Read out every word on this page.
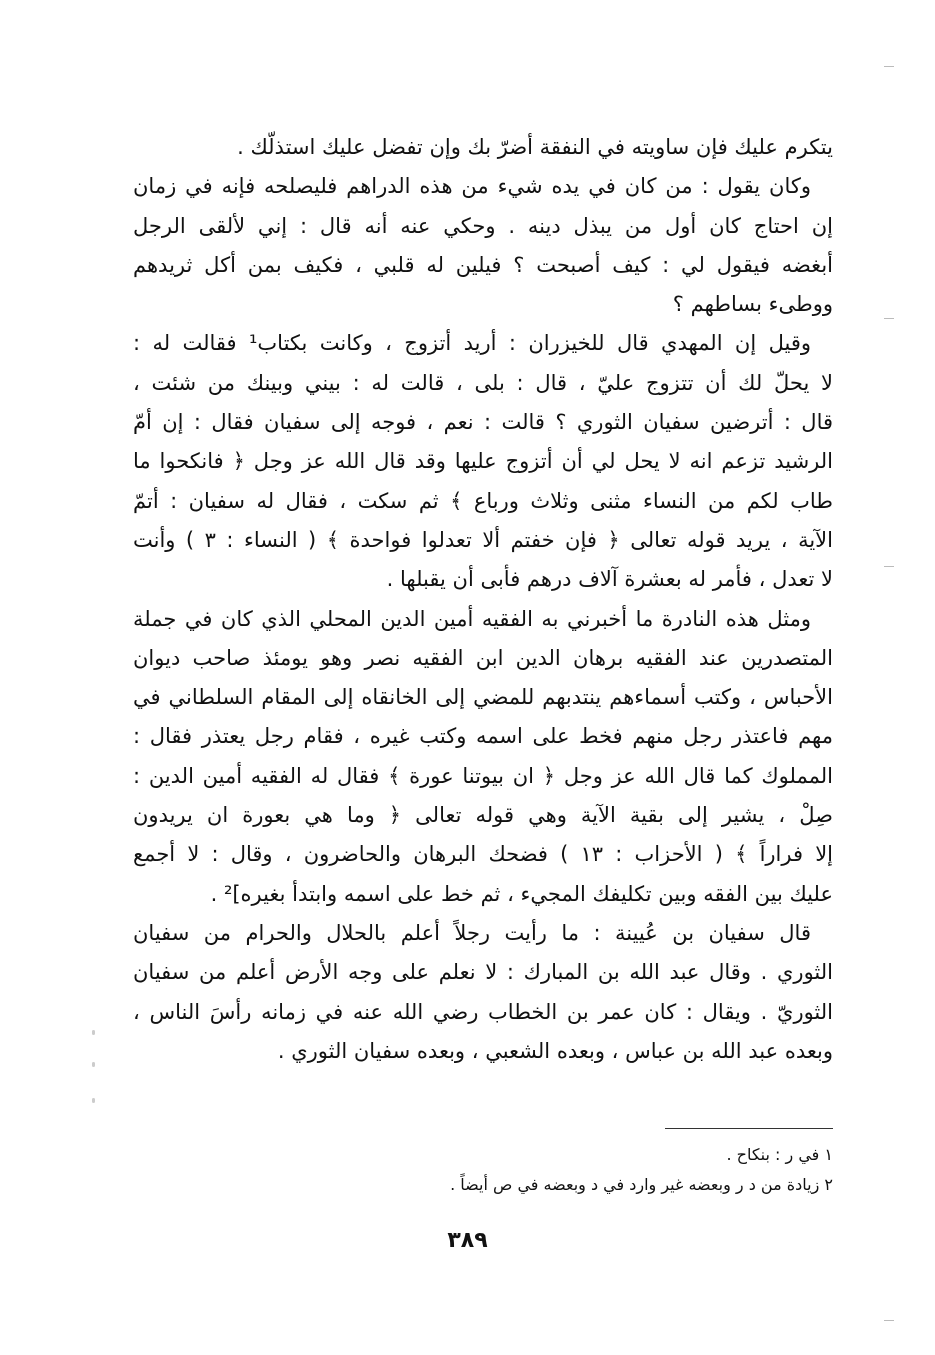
يتكرم عليك فإن ساويته في النفقة أضرّ بك وإن تفضل عليك استذلّك .
وكان يقول : من كان في يده شيء من هذه الدراهم فليصلحه فإنه في زمان
إن احتاج كان أول من يبذل دينه . وحكي عنه أنه قال : إني لألقى الرجل
أبغضه فيقول لي : كيف أصبحت ؟ فيلين له قلبي ، فكيف بمن أكل ثريدهم
ووطىء بساطهم ؟
وقيل إن المهدي قال للخيزران : أريد أتزوج ، وكانت بكتاب¹ فقالت له :
لا يحلّ لك أن تتزوج عليّ ، قال : بلى ، قالت له : بيني وبينك من شئت ،
قال : أترضين سفيان الثوري ؟ قالت : نعم ، فوجه إلى سفيان فقال : إن أمّ
الرشيد تزعم انه لا يحل لي أن أتزوج عليها وقد قال الله عز وجل ﴿ فانكحوا ما
طاب لكم من النساء مثنى وثلاث ورباع ﴾ ثم سكت ، فقال له سفيان : أتمّ
الآية ، يريد قوله تعالى ﴿ فإن خفتم ألا تعدلوا فواحدة ﴾ ( النساء : ٣ ) وأنت
لا تعدل ، فأمر له بعشرة آلاف درهم فأبى أن يقبلها .
ومثل هذه النادرة ما أخبرني به الفقيه أمين الدين المحلي الذي كان في جملة
المتصدرين عند الفقيه برهان الدين ابن الفقيه نصر وهو يومئذ صاحب ديوان
الأحباس ، وكتب أسماءهم ينتدبهم للمضي إلى الخانقاه إلى المقام السلطاني في
مهم فاعتذر رجل منهم فخط على اسمه وكتب غيره ، فقام رجل يعتذر فقال :
المملوك كما قال الله عز وجل ﴿ ان بيوتنا عورة ﴾ فقال له الفقيه أمين الدين :
صِلْ ، يشير إلى بقية الآية وهي قوله تعالى ﴿ وما هي بعورة ان يريدون
إلا فراراً ﴾ ( الأحزاب : ١٣ ) فضحك البرهان والحاضرون ، وقال : لا أجمع
عليك بين الفقه وبين تكليفك المجيء ، ثم خط على اسمه وابتدأ بغيره]² .
قال سفيان بن عُيينة : ما رأيت رجلاً أعلم بالحلال والحرام من سفيان
الثوري . وقال عبد الله بن المبارك : لا نعلم على وجه الأرض أعلم من سفيان
الثوريّ . ويقال : كان عمر بن الخطاب رضي الله عنه في زمانه رأسَ الناس ،
وبعده عبد الله بن عباس ، وبعده الشعبي ، وبعده سفيان الثوري .
١ في ر : بنكاح .
٢ زيادة من د ر وبعضه غير وارد في د وبعضه في ص أيضاً .
٣٨٩
